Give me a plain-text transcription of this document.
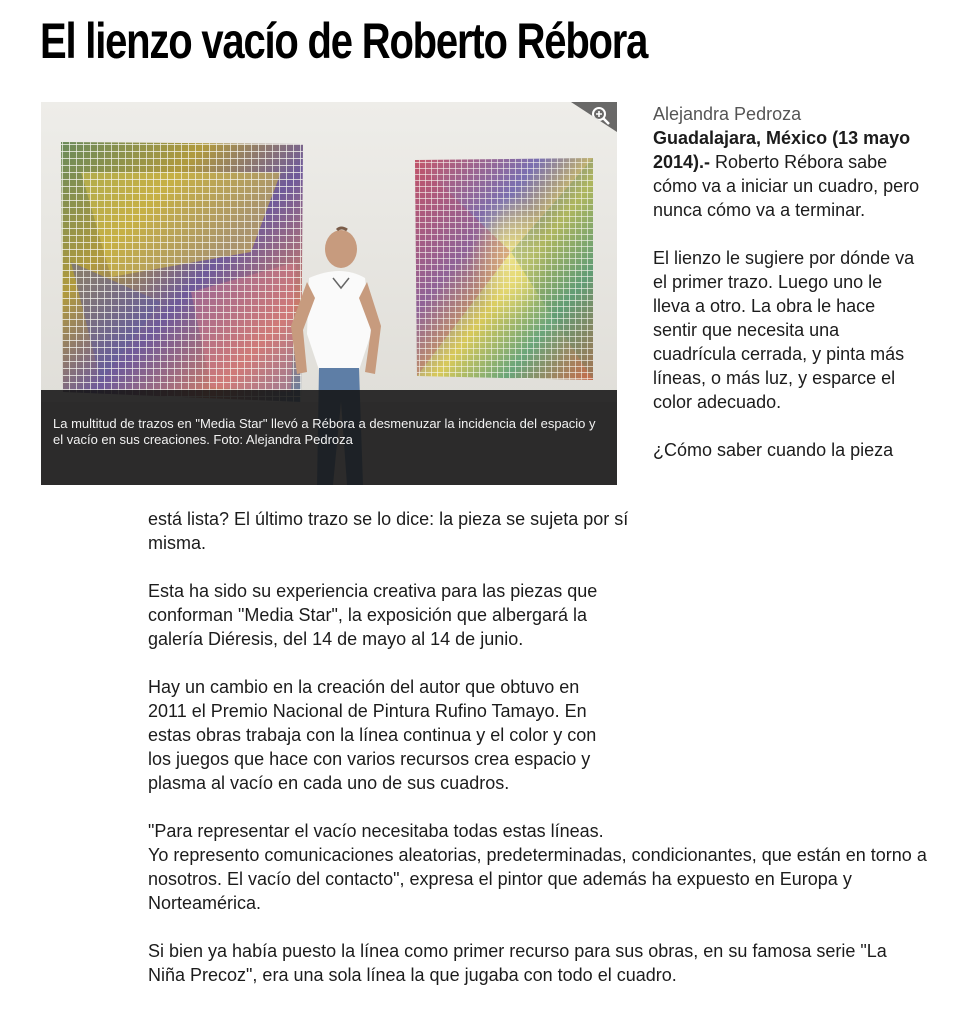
El lienzo vacío de Roberto Rébora
La multitud de trazos en "Media Star" llevó a Rébora a desmenuzar la incidencia del espacio y el vacío en sus creaciones. Foto: Alejandra Pedroza
Alejandra Pedroza

Guadalajara, México (13 mayo 2014).- Roberto Rébora sabe cómo va a iniciar un cuadro, pero nunca cómo va a terminar.

El lienzo le sugiere por dónde va el primer trazo. Luego uno le lleva a otro. La obra le hace sentir que necesita una cuadrícula cerrada, y pinta más líneas, o más luz, y esparce el color adecuado.

¿Cómo saber cuando la pieza

está lista? El último trazo se lo dice: la pieza se sujeta por sí misma.

Esta ha sido su experiencia creativa para las piezas que conforman "Media Star", la exposición que albergará la galería Diéresis, del 14 de mayo al 14 de junio.

Hay un cambio en la creación del autor que obtuvo en 2011 el Premio Nacional de Pintura Rufino Tamayo. En estas obras trabaja con la línea continua y el color y con los juegos que hace con varios recursos crea espacio y plasma al vacío en cada uno de sus cuadros.

"Para representar el vacío necesitaba todas estas líneas.
Yo represento comunicaciones aleatorias, predeterminadas, condicionantes, que están en torno a nosotros. El vacío del contacto", expresa el pintor que además ha expuesto en Europa y Norteamérica.

Si bien ya había puesto la línea como primer recurso para sus obras, en su famosa serie "La Niña Precoz", era una sola línea la que jugaba con todo el cuadro.
